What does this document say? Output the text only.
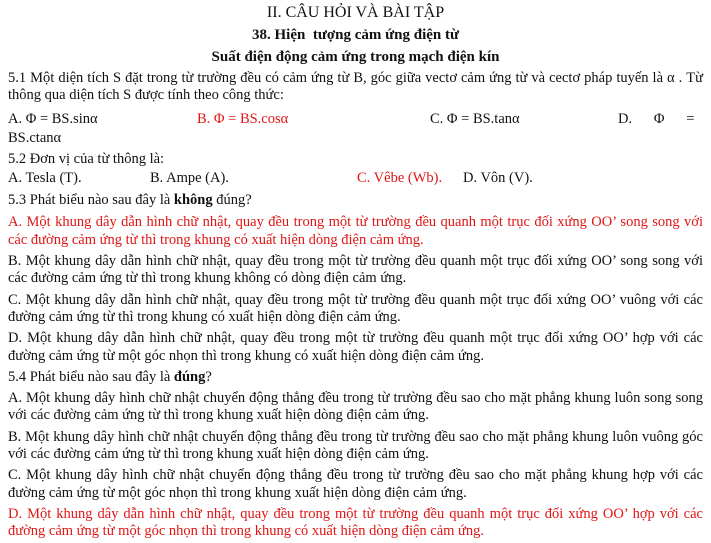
II. CÂU HỎI VÀ BÀI TẬP

38. Hiện  tượng cảm ứng điện từ

Suất điện động cảm ứng trong mạch điện kín

5.1 Một diện tích S đặt trong từ trường đều có cảm ứng từ B, góc giữa vectơ cảm ứng từ và cectơ pháp tuyến là α . Từ thông qua diện tích S được tính theo công thức:

A. Φ = BS.sinα	B. Φ = BS.cosα	C. Φ = BS.tanα	D.      Φ      =

BS.ctanα

5.2 Đơn vị của từ thông là:

A. Tesla (T).	B. Ampe (A).	C. Vêbe (Wb). D. Vôn (V).

5.3 Phát biểu nào sau đây là không đúng?

A. Một khung dây dẫn hình chữ nhật, quay đều trong một từ trường đều quanh một trục đối xứng OO’ song song với các đường cảm ứng từ thì trong khung có xuất hiện dòng điện cảm ứng.

B. Một khung dây dẫn hình chữ nhật, quay đều trong một từ trường đều quanh một trục đối xứng OO’ song song với các đường cảm ứng từ thì trong khung không có dòng điện cảm ứng.

C. Một khung dây dẫn hình chữ nhật, quay đều trong một từ trường đều quanh một trục đối xứng OO’ vuông với các đường cảm ứng từ thì trong khung có xuất hiện dòng điện cảm ứng.

D. Một khung dây dẫn hình chữ nhật, quay đều trong một từ trường đều quanh một trục đối xứng OO’ hợp với các đường cảm ứng từ một góc nhọn thì trong khung có xuất hiện dòng điện cảm ứng.

5.4 Phát biểu nào sau đây là đúng?

A. Một khung dây hình chữ nhật chuyển động thẳng đều trong từ trường đều sao cho mặt phẳng khung luôn song song với các đường cảm ứng từ thì trong khung xuất hiện dòng điện cảm ứng.

B. Một khung dây hình chữ nhật chuyển động thẳng đều trong từ trường đều sao cho mặt phẳng khung luôn vuông góc với các đường cảm ứng từ thì trong khung xuất hiện dòng điện cảm ứng.

C. Một khung dây hình chữ nhật chuyển động thẳng đều trong từ trường đều sao cho mặt phẳng khung hợp với các đường cảm ứng từ một góc nhọn thì trong khung xuất hiện dòng điện cảm ứng.

D. Một khung dây dẫn hình chữ nhật, quay đều trong một từ trường đều quanh một trục đối xứng OO’ hợp với các đường cảm ứng từ một góc nhọn thì trong khung có xuất hiện dòng điện cảm ứng.
